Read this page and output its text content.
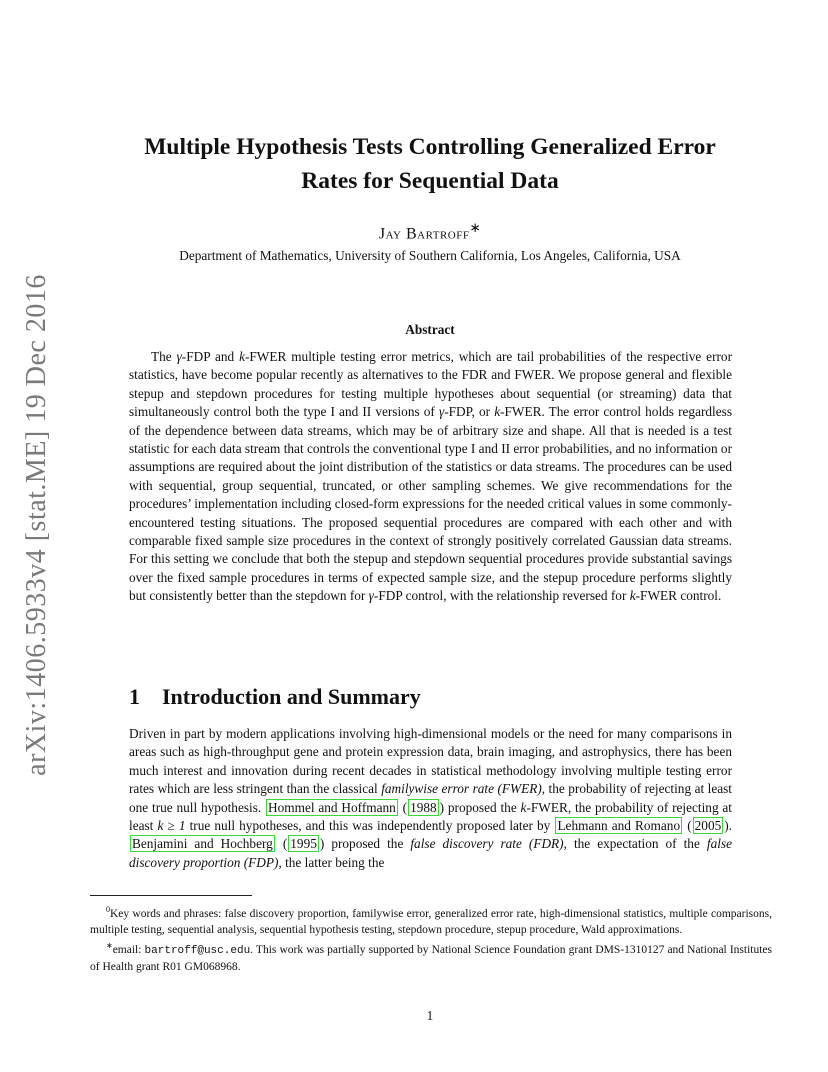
arXiv:1406.5933v4 [stat.ME] 19 Dec 2016
Multiple Hypothesis Tests Controlling Generalized Error
Rates for Sequential Data
Jay Bartroff∗
Department of Mathematics, University of Southern California, Los Angeles, California, USA
Abstract
The γ-FDP and k-FWER multiple testing error metrics, which are tail probabilities of the respective error statistics, have become popular recently as alternatives to the FDR and FWER. We propose general and flexible stepup and stepdown procedures for testing multiple hypotheses about sequential (or streaming) data that simultaneously control both the type I and II versions of γ-FDP, or k-FWER. The error control holds regardless of the dependence between data streams, which may be of arbitrary size and shape. All that is needed is a test statistic for each data stream that controls the conventional type I and II error probabilities, and no information or assumptions are required about the joint distribution of the statistics or data streams. The procedures can be used with sequential, group sequential, truncated, or other sampling schemes. We give recommendations for the procedures’ implementation including closed-form expressions for the needed critical values in some commonly-encountered testing situations. The proposed sequential procedures are compared with each other and with comparable fixed sample size procedures in the context of strongly positively correlated Gaussian data streams. For this setting we conclude that both the stepup and stepdown sequential procedures provide substantial savings over the fixed sample procedures in terms of expected sample size, and the stepup procedure performs slightly but consistently better than the stepdown for γ-FDP control, with the relationship reversed for k-FWER control.
1 Introduction and Summary
Driven in part by modern applications involving high-dimensional models or the need for many comparisons in areas such as high-throughput gene and protein expression data, brain imaging, and astrophysics, there has been much interest and innovation during recent decades in statistical methodology involving multiple testing error rates which are less stringent than the classical familywise error rate (FWER), the probability of rejecting at least one true null hypothesis. Hommel and Hoffmann ( 1988 ) proposed the k-FWER, the probability of rejecting at least k ≥ 1 true null hypotheses, and this was independently proposed later by Lehmann and Romano ( 2005 ). Benjamini and Hochberg ( 1995 ) proposed the false discovery rate (FDR), the expectation of the false discovery proportion (FDP), the latter being the

$^0$Key words and phrases: false discovery proportion, familywise error, generalized error rate, high-dimensional statistics, multiple comparisons, multiple testing, sequential analysis, sequential hypothesis testing, stepdown procedure, stepup procedure, Wald approximations.

∗email: bartroff@usc.edu. This work was partially supported by National Science Foundation grant DMS-1310127 and National Institutes of Health grant R01 GM068968.

1
